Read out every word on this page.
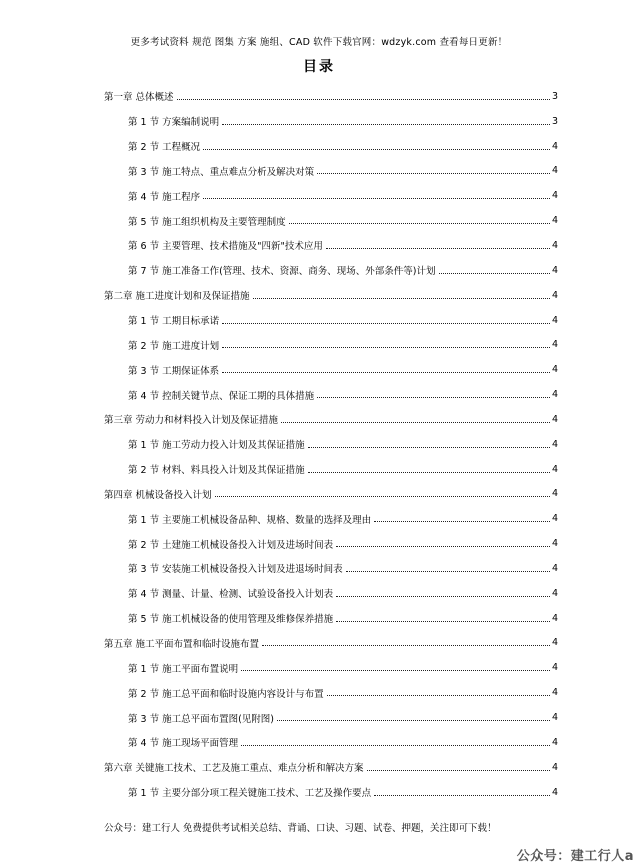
更多考试资料 规范 图集 方案 施组、CAD 软件下载官网：wdzyk.com 查看每日更新！
目录
第一章 总体概述	3
第 1 节 方案编制说明	3
第 2 节 工程概况	4
第 3 节 施工特点、重点难点分析及解决对策	4
第 4 节 施工程序	4
第 5 节 施工组织机构及主要管理制度	4
第 6 节 主要管理、技术措施及"四新"技术应用	4
第 7 节 施工准备工作(管理、技术、资源、商务、现场、外部条件等)计划	4
第二章 施工进度计划和及保证措施	4
第 1 节 工期目标承诺	4
第 2 节 施工进度计划	4
第 3 节 工期保证体系	4
第 4 节 控制关键节点、保证工期的具体措施	4
第三章 劳动力和材料投入计划及保证措施	4
第 1 节 施工劳动力投入计划及其保证措施	4
第 2 节 材料、料具投入计划及其保证措施	4
第四章 机械设备投入计划	4
第 1 节 主要施工机械设备品种、规格、数量的选择及理由	4
第 2 节 土建施工机械设备投入计划及进场时间表	4
第 3 节 安装施工机械设备投入计划及进退场时间表	4
第 4 节 测量、计量、检测、试验设备投入计划表	4
第 5 节 施工机械设备的使用管理及维修保养措施	4
第五章 施工平面布置和临时设施布置	4
第 1 节 施工平面布置说明	4
第 2 节 施工总平面和临时设施内容设计与布置	4
第 3 节 施工总平面布置图(见附图)	4
第 4 节 施工现场平面管理	4
第六章 关键施工技术、工艺及施工重点、难点分析和解决方案	4
第 1 节 主要分部分项工程关键施工技术、工艺及操作要点	4
公众号：建工行人 免费提供考试相关总结、背诵、口诀、习题、试卷、押题，关注即可下载！
公众号：建工行人a
